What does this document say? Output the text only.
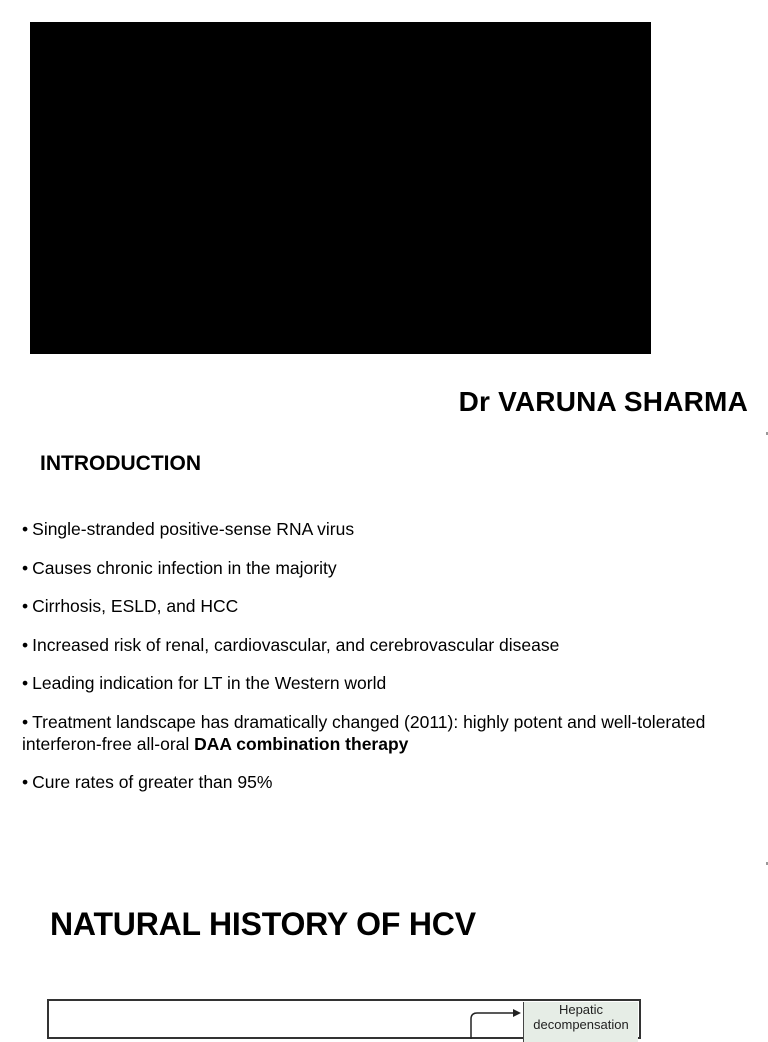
Dr VARUNA SHARMA
INTRODUCTION
• Single-stranded positive-sense RNA virus
• Causes chronic infection in the majority
• Cirrhosis, ESLD, and HCC
• Increased risk of renal, cardiovascular, and cerebrovascular disease
• Leading indication for LT in the Western world
• Treatment landscape has dramatically changed (2011): highly potent and well-tolerated interferon-free all-oral DAA combination therapy
• Cure rates of greater than 95%
NATURAL HISTORY OF HCV
Hepatic decompensation
